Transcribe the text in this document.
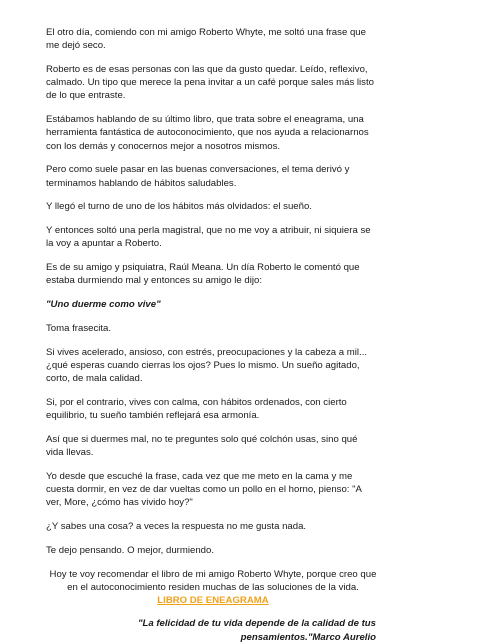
El otro día, comiendo con mi amigo Roberto Whyte, me soltó una frase que me dejó seco.

Roberto es de esas personas con las que da gusto quedar. Leído, reflexivo, calmado. Un tipo que merece la pena invitar a un café porque sales más listo de lo que entraste.

Estábamos hablando de su último libro, que trata sobre el eneagrama, una herramienta fantástica de autoconocimiento, que nos ayuda a relacionarnos con los demás y conocernos mejor a nosotros mismos.

Pero como suele pasar en las buenas conversaciones, el tema derivó y terminamos hablando de hábitos saludables.

Y llegó el turno de uno de los hábitos más olvidados: el sueño.

Y entonces soltó una perla magistral, que no me voy a atribuir, ni siquiera se la voy a apuntar a Roberto.

Es de su amigo y psiquiatra, Raúl Meana. Un día Roberto le comentó que estaba durmiendo mal y entonces su amigo le dijo:

"Uno duerme como vive"

Toma frasecita.

Si vives acelerado, ansioso, con estrés, preocupaciones y la cabeza a mil... ¿qué esperas cuando cierras los ojos? Pues lo mismo. Un sueño agitado, corto, de mala calidad.

Si, por el contrario, vives con calma, con hábitos ordenados, con cierto equilibrio, tu sueño también reflejará esa armonía.

Así que si duermes mal, no te preguntes solo qué colchón usas, sino qué vida llevas.

Yo desde que escuché la frase, cada vez que me meto en la cama y me cuesta dormir, en vez de dar vueltas como un pollo en el horno, pienso: "A ver, More, ¿cómo has vivido hoy?"

¿Y sabes una cosa? a veces la respuesta no me gusta nada.

Te dejo pensando. O mejor, durmiendo.

Hoy te voy recomendar el libro de mi amigo Roberto Whyte, porque creo que en el autoconocimiento residen muchas de las soluciones de la vida.

LIBRO DE ENEAGRAMA

"La felicidad de tu vida depende de la calidad de tus pensamientos."Marco Aurelio
